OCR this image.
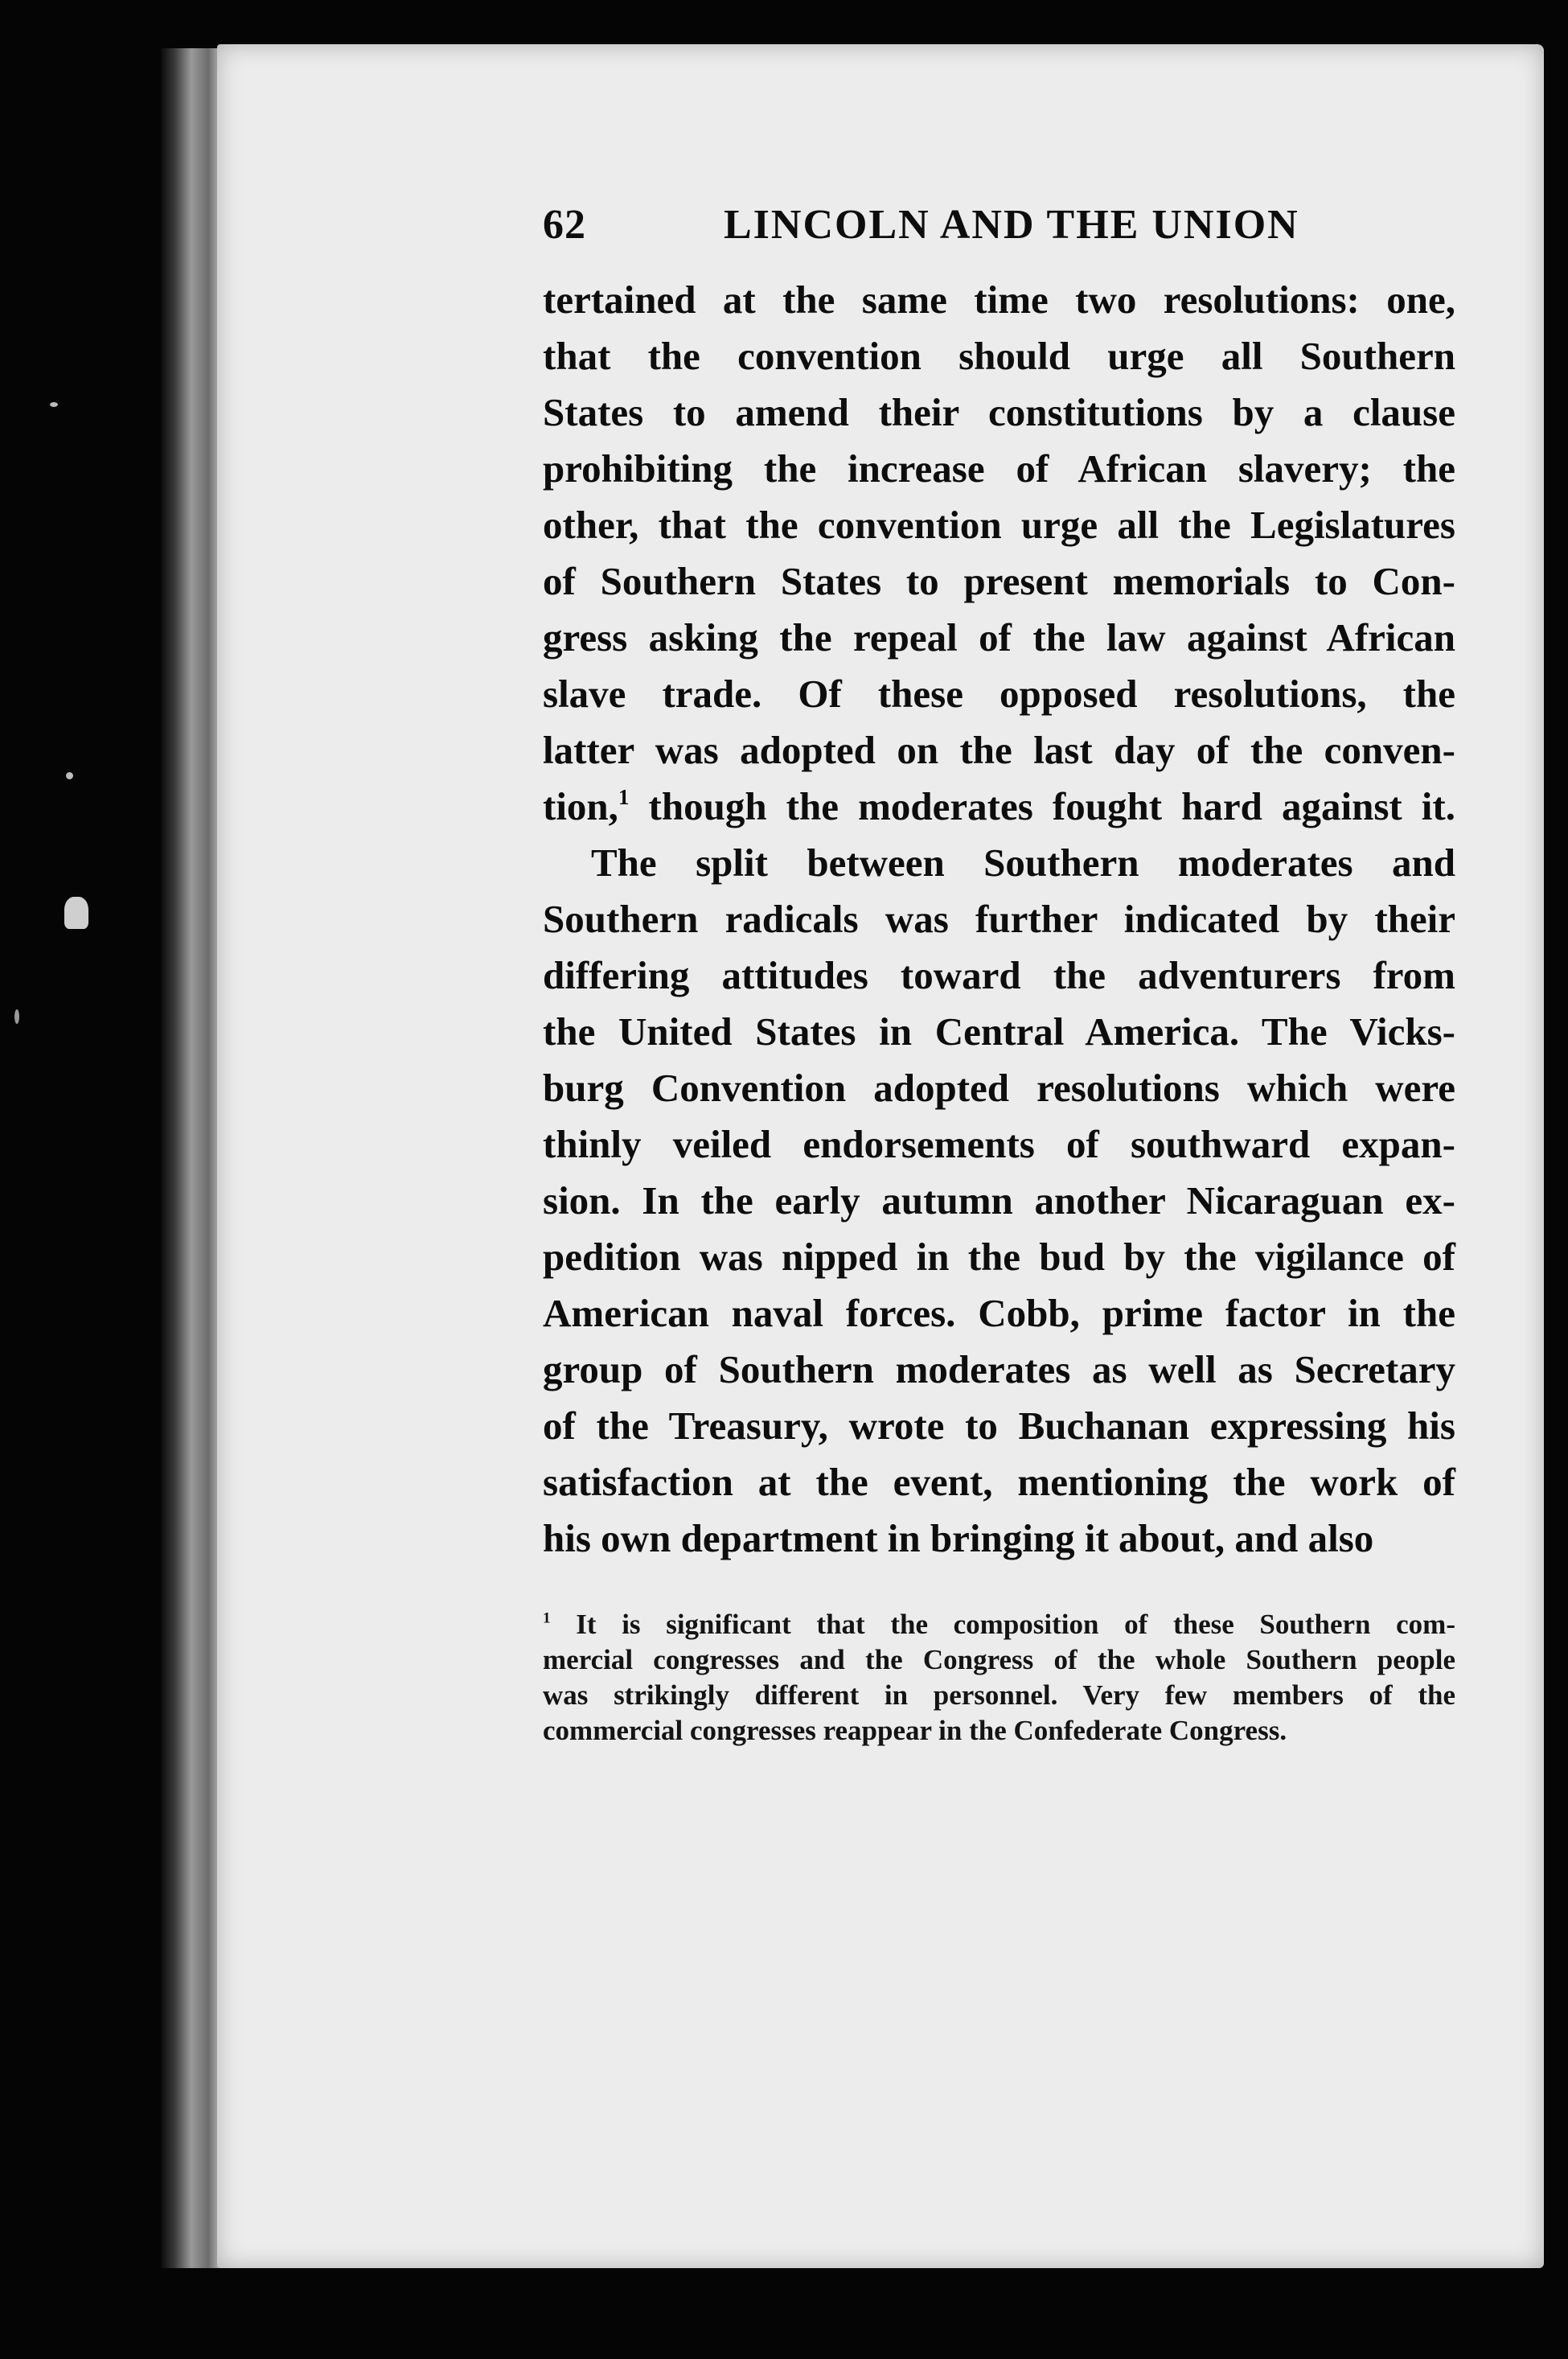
62	LINCOLN AND THE UNION
tertained at the same time two resolutions: one,
that the convention should urge all Southern
States to amend their constitutions by a clause
prohibiting the increase of African slavery; the
other, that the convention urge all the Legislatures
of Southern States to present memorials to Con-
gress asking the repeal of the law against African
slave trade. Of these opposed resolutions, the
latter was adopted on the last day of the conven-
tion,$^1$ though the moderates fought hard against it.
The split between Southern moderates and
Southern radicals was further indicated by their
differing attitudes toward the adventurers from
the United States in Central America. The Vicks-
burg Convention adopted resolutions which were
thinly veiled endorsements of southward expan-
sion. In the early autumn another Nicaraguan ex-
pedition was nipped in the bud by the vigilance of
American naval forces. Cobb, prime factor in the
group of Southern moderates as well as Secretary
of the Treasury, wrote to Buchanan expressing his
satisfaction at the event, mentioning the work of
his own department in bringing it about, and also
$^1$ It is significant that the composition of these Southern com-
mercial congresses and the Congress of the whole Southern people
was strikingly different in personnel. Very few members of the
commercial congresses reappear in the Confederate Congress.
